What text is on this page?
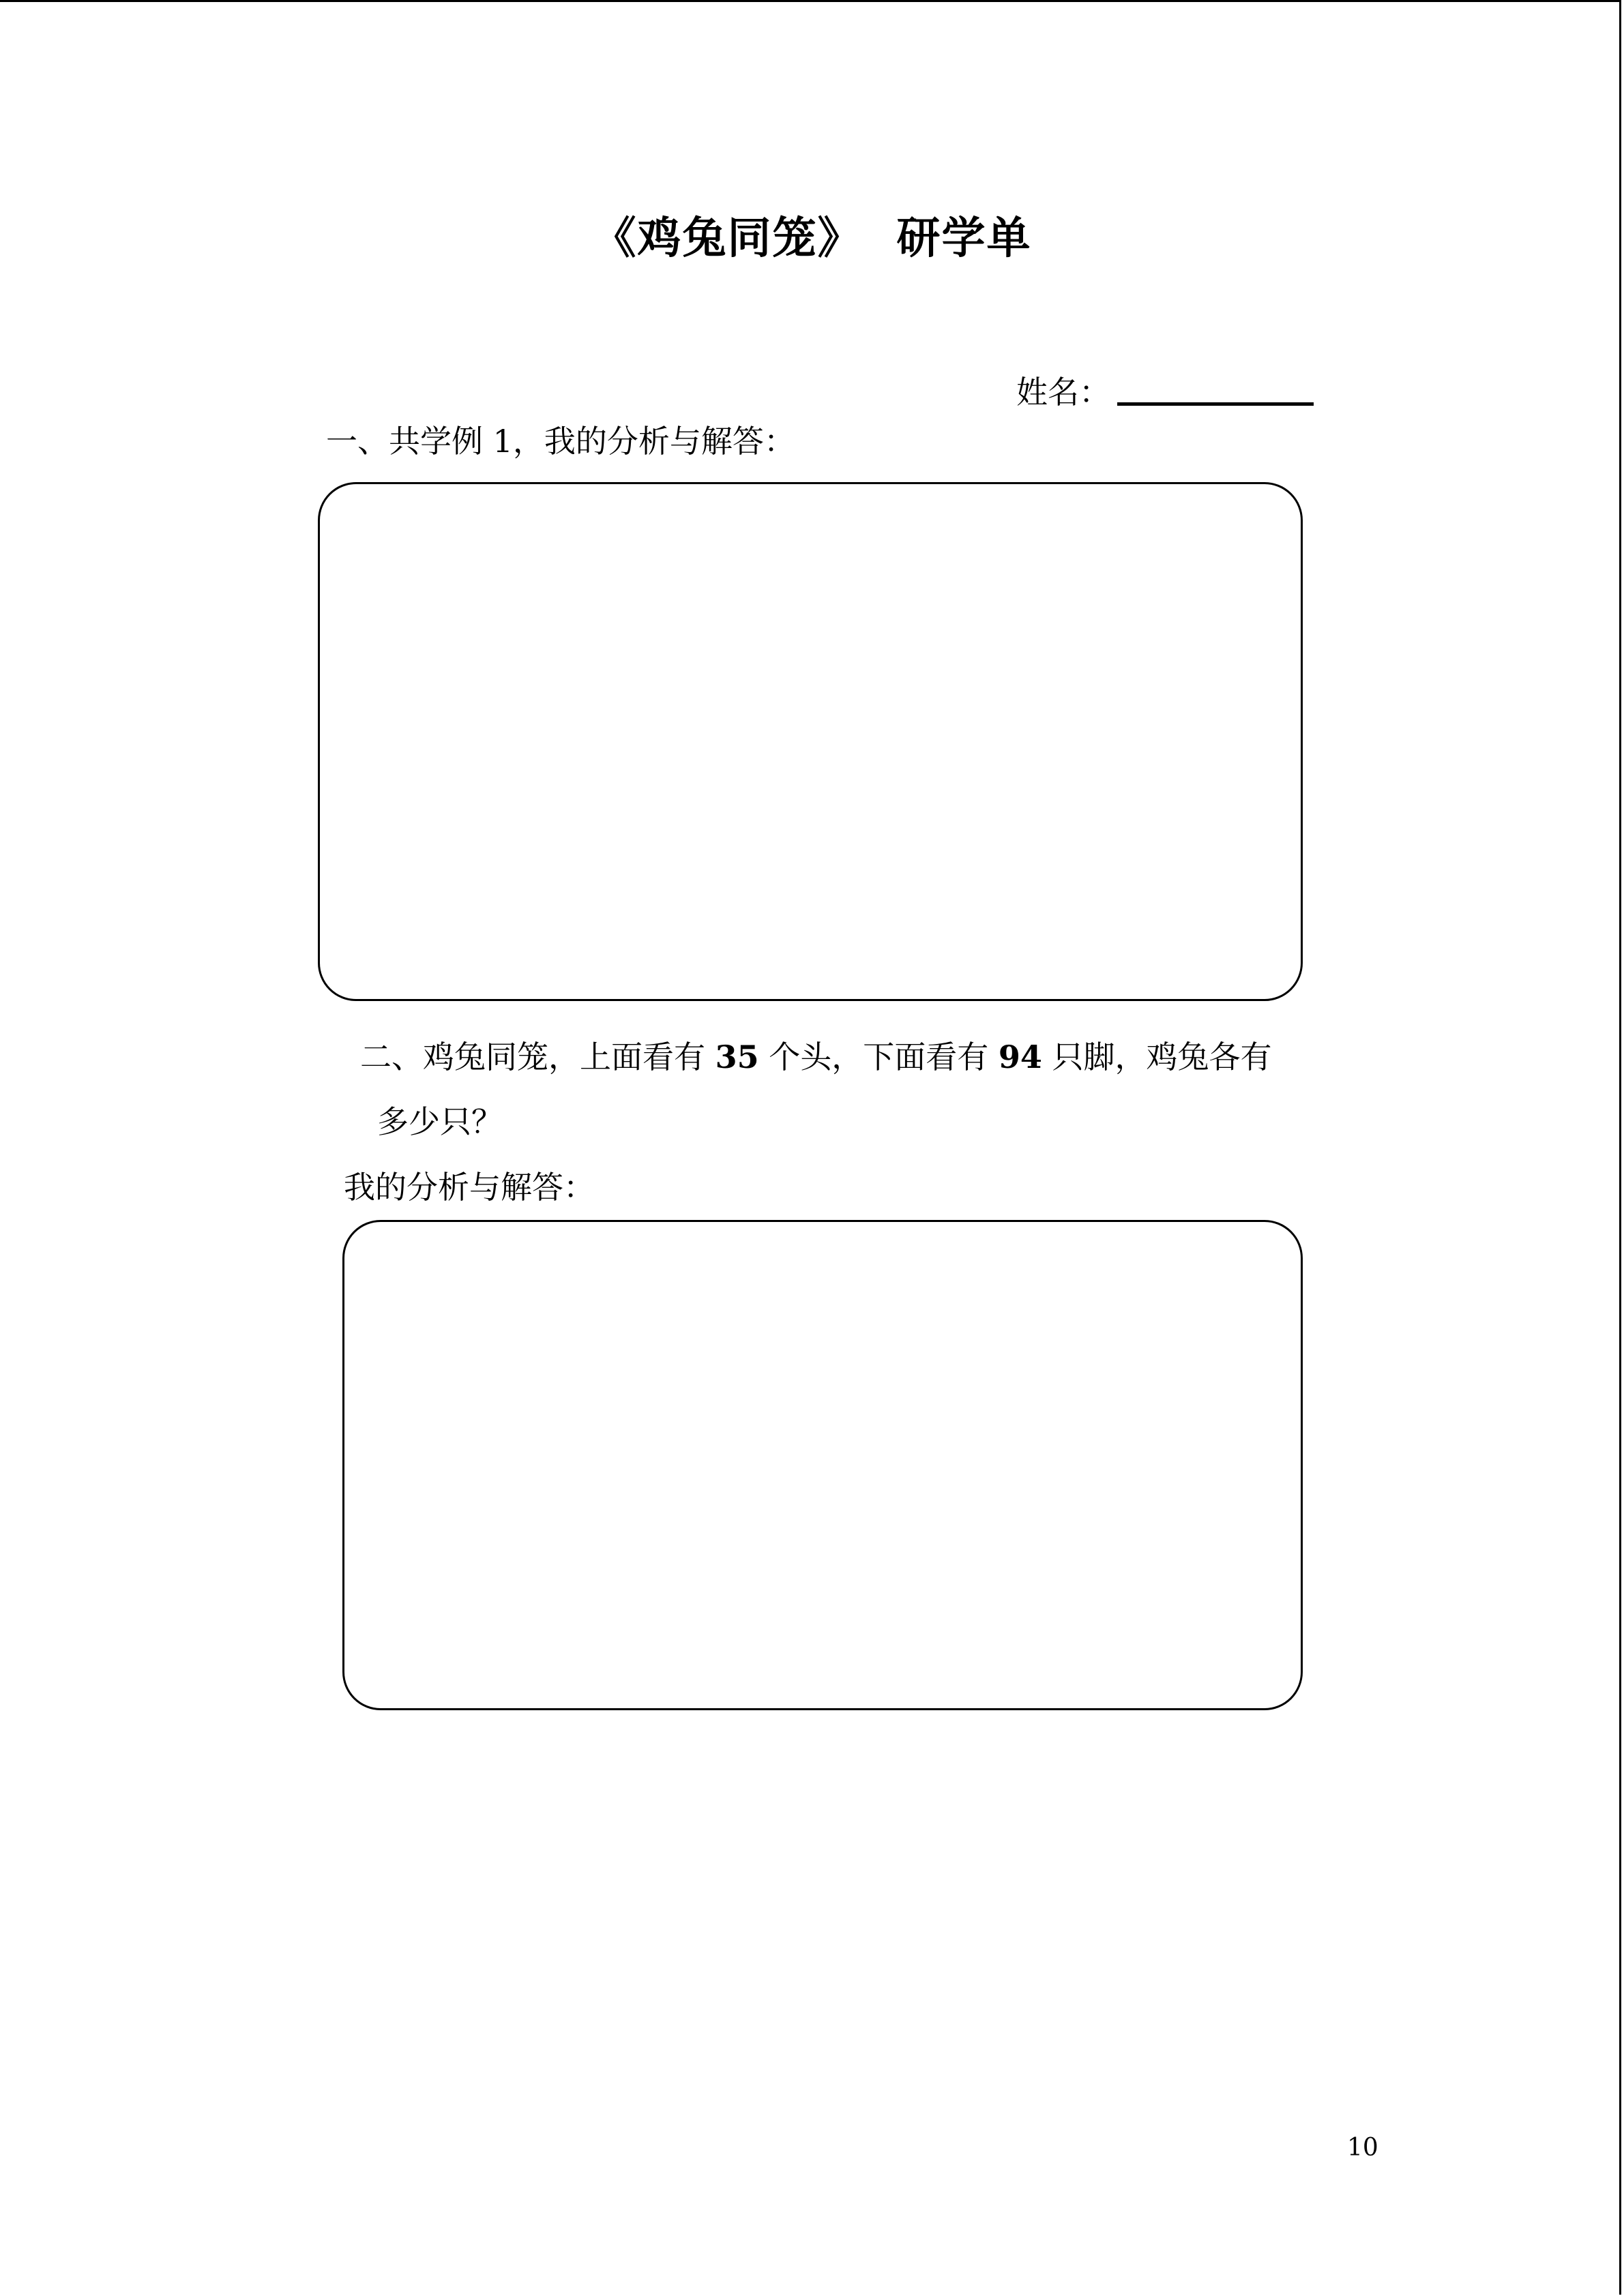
《鸡兔同笼》 研学单
姓名：
一、共学例 1，我的分析与解答：
二、鸡兔同笼，上面看有 35 个头，下面看有 94 只脚，鸡兔各有
多少只？
我的分析与解答：
10
